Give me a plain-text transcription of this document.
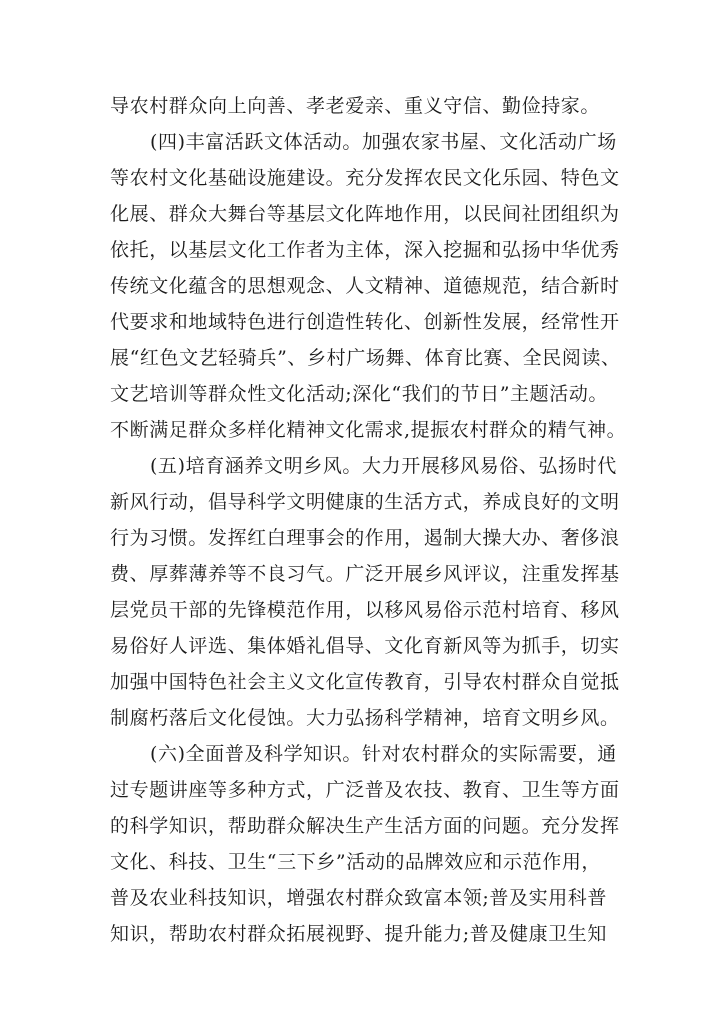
导农村群众向上向善、孝老爱亲、重义守信、勤俭持家。
(四)丰富活跃文体活动。加强农家书屋、文化活动广场
等农村文化基础设施建设。充分发挥农民文化乐园、特色文
化展、群众大舞台等基层文化阵地作用，以民间社团组织为
依托，以基层文化工作者为主体，深入挖掘和弘扬中华优秀
传统文化蕴含的思想观念、人文精神、道德规范，结合新时
代要求和地域特色进行创造性转化、创新性发展，经常性开
展“红色文艺轻骑兵”、乡村广场舞、体育比赛、全民阅读、
文艺培训等群众性文化活动;深化“我们的节日”主题活动。
不断满足群众多样化精神文化需求,提振农村群众的精气神。
(五)培育涵养文明乡风。大力开展移风易俗、弘扬时代
新风行动，倡导科学文明健康的生活方式，养成良好的文明
行为习惯。发挥红白理事会的作用，遏制大操大办、奢侈浪
费、厚葬薄养等不良习气。广泛开展乡风评议，注重发挥基
层党员干部的先锋模范作用，以移风易俗示范村培育、移风
易俗好人评选、集体婚礼倡导、文化育新风等为抓手，切实
加强中国特色社会主义文化宣传教育，引导农村群众自觉抵
制腐朽落后文化侵蚀。大力弘扬科学精神，培育文明乡风。
(六)全面普及科学知识。针对农村群众的实际需要，通
过专题讲座等多种方式，广泛普及农技、教育、卫生等方面
的科学知识，帮助群众解决生产生活方面的问题。充分发挥
文化、科技、卫生“三下乡”活动的品牌效应和示范作用，
普及农业科技知识，增强农村群众致富本领;普及实用科普
知识，帮助农村群众拓展视野、提升能力;普及健康卫生知
